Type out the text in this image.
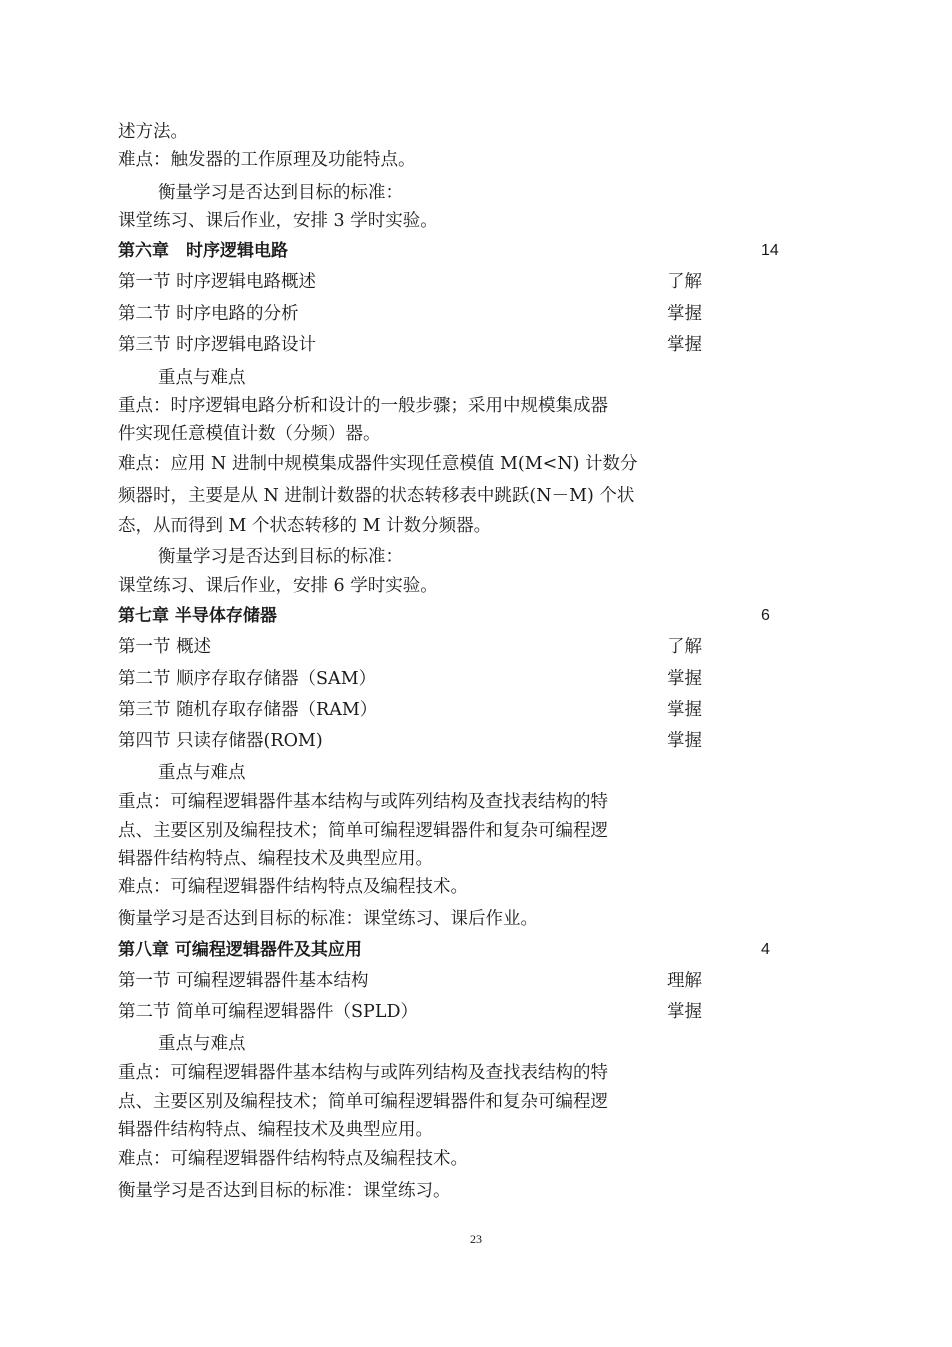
述方法。
难点：触发器的工作原理及功能特点。
衡量学习是否达到目标的标准：
课堂练习、课后作业，安排 3 学时实验。
第六章　时序逻辑电路	14
第一节 时序逻辑电路概述	了解
第二节 时序电路的分析	掌握
第三节 时序逻辑电路设计	掌握
重点与难点
重点：时序逻辑电路分析和设计的一般步骤；采用中规模集成器
件实现任意模值计数（分频）器。
难点：应用 N 进制中规模集成器件实现任意模值 M(M<N) 计数分
频器时，主要是从 N 进制计数器的状态转移表中跳跃(N－M) 个状
态，从而得到 M 个状态转移的 M 计数分频器。
衡量学习是否达到目标的标准：
课堂练习、课后作业，安排 6 学时实验。
第七章 半导体存储器	6
第一节 概述	了解
第二节 顺序存取存储器（SAM）	掌握
第三节 随机存取存储器（RAM）	掌握
第四节 只读存储器(ROM)	掌握
重点与难点
重点：可编程逻辑器件基本结构与或阵列结构及查找表结构的特
点、主要区别及编程技术；简单可编程逻辑器件和复杂可编程逻
辑器件结构特点、编程技术及典型应用。
难点：可编程逻辑器件结构特点及编程技术。
衡量学习是否达到目标的标准：课堂练习、课后作业。
第八章 可编程逻辑器件及其应用	4
第一节 可编程逻辑器件基本结构	理解
第二节 简单可编程逻辑器件（SPLD）	掌握
重点与难点
重点：可编程逻辑器件基本结构与或阵列结构及查找表结构的特
点、主要区别及编程技术；简单可编程逻辑器件和复杂可编程逻
辑器件结构特点、编程技术及典型应用。
难点：可编程逻辑器件结构特点及编程技术。
衡量学习是否达到目标的标准：课堂练习。
23
